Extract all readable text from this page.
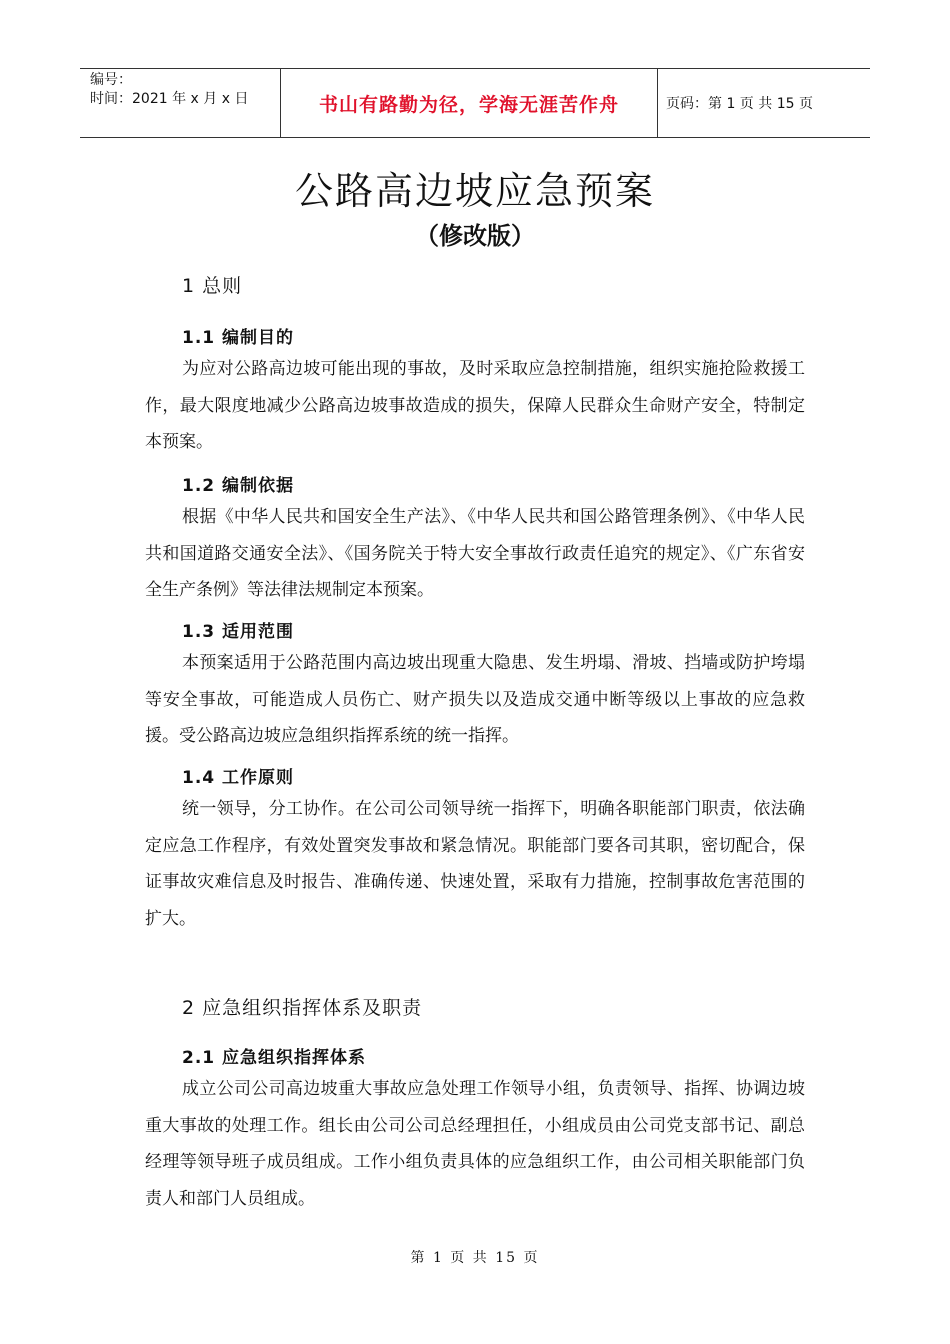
编号：
时间：2021 年 x 月 x 日	书山有路勤为径，学海无涯苦作舟	页码：第 1 页 共 15 页
公路高边坡应急预案
（修改版）
1 总则
1.1 编制目的
为应对公路高边坡可能出现的事故，及时采取应急控制措施，组织实施抢险救援工作，最大限度地减少公路高边坡事故造成的损失，保障人民群众生命财产安全，特制定本预案。
1.2 编制依据
根据《中华人民共和国安全生产法》、《中华人民共和国公路管理条例》、《中华人民共和国道路交通安全法》、《国务院关于特大安全事故行政责任追究的规定》、《广东省安全生产条例》等法律法规制定本预案。
1.3 适用范围
本预案适用于公路范围内高边坡出现重大隐患、发生坍塌、滑坡、挡墙或防护垮塌等安全事故，可能造成人员伤亡、财产损失以及造成交通中断等级以上事故的应急救援。受公路高边坡应急组织指挥系统的统一指挥。
1.4 工作原则
统一领导，分工协作。在公司公司领导统一指挥下，明确各职能部门职责，依法确定应急工作程序，有效处置突发事故和紧急情况。职能部门要各司其职，密切配合，保证事故灾难信息及时报告、准确传递、快速处置，采取有力措施，控制事故危害范围的扩大。
2 应急组织指挥体系及职责
2.1 应急组织指挥体系
成立公司公司高边坡重大事故应急处理工作领导小组，负责领导、指挥、协调边坡重大事故的处理工作。组长由公司公司总经理担任，小组成员由公司党支部书记、副总经理等领导班子成员组成。工作小组负责具体的应急组织工作，由公司相关职能部门负责人和部门人员组成。
第 1 页 共 15 页
